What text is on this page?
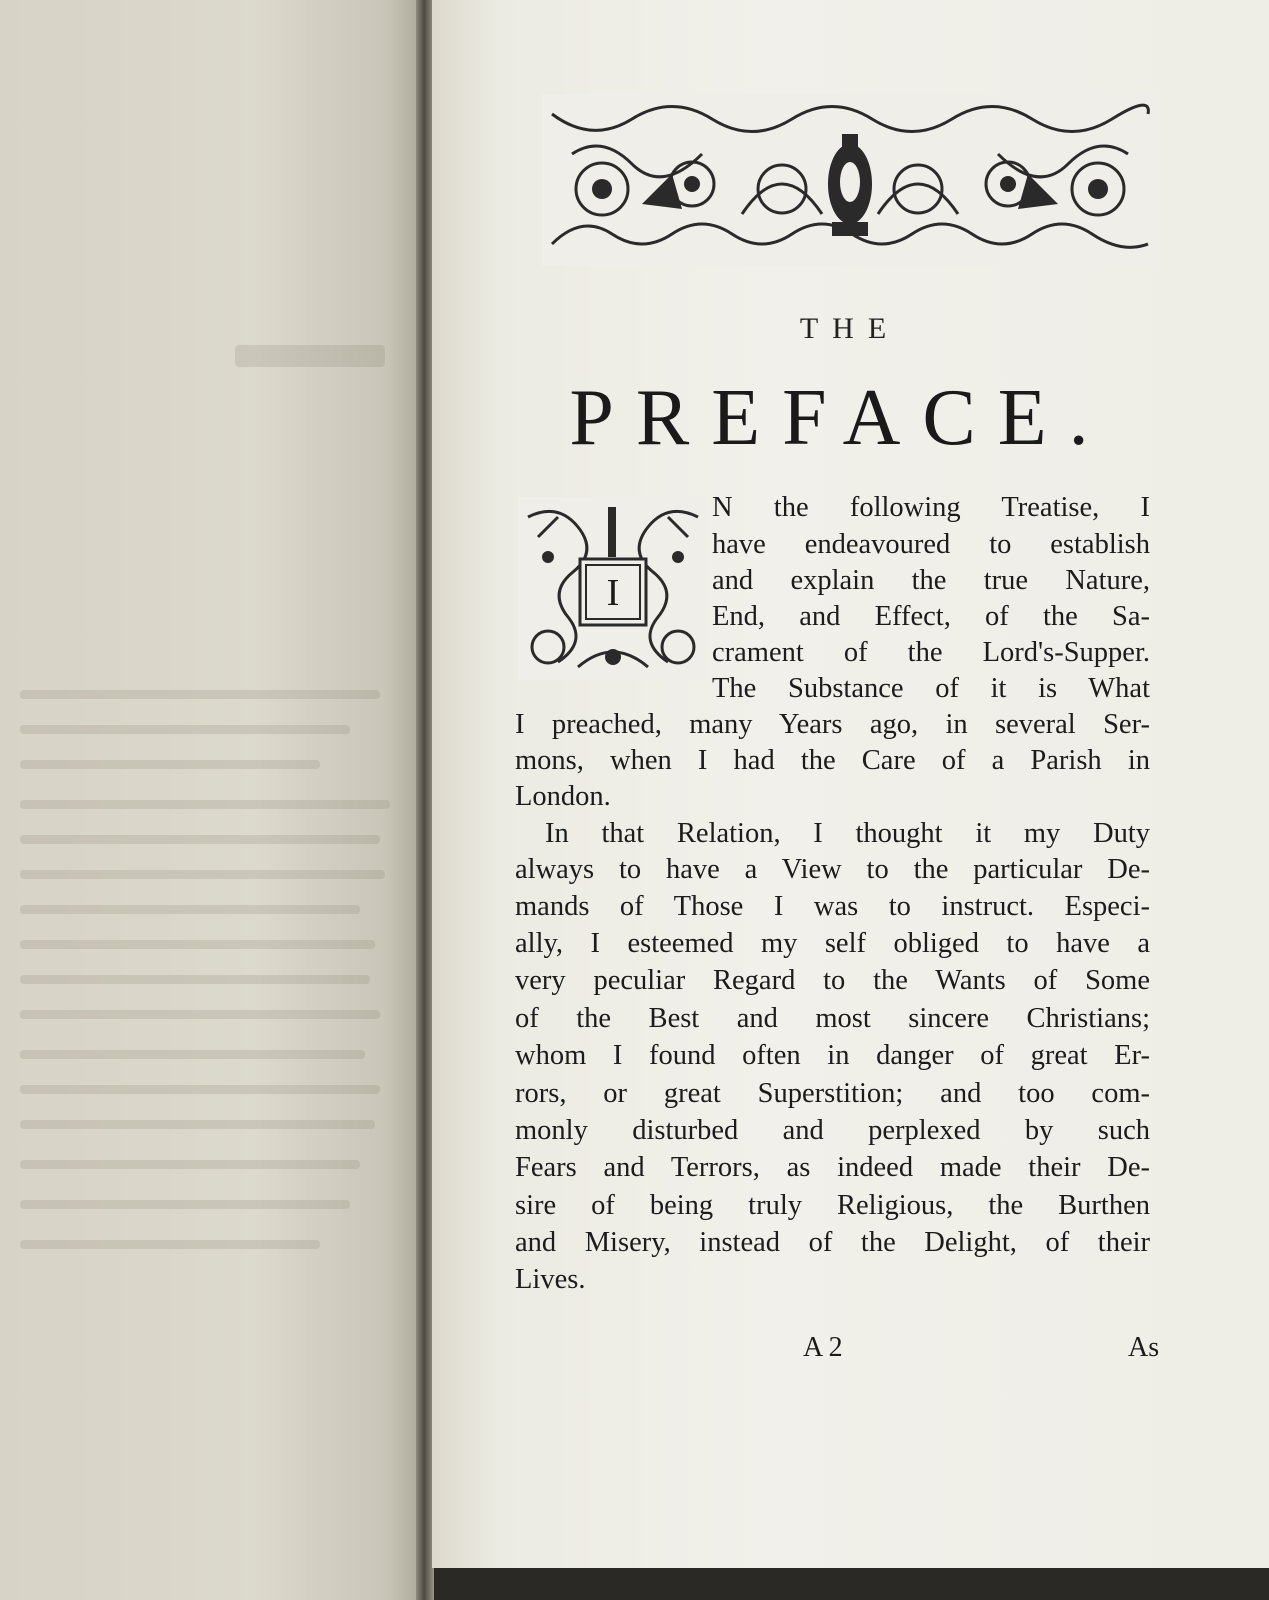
THE
PREFACE.
I
N the following Treatise, I
have endeavoured to establish
and explain the true Nature,
End, and Effect, of the Sa-
crament of the Lord's-Supper.
The Substance of it is What
I preached, many Years ago, in several Ser-
mons, when I had the Care of a Parish in
London.
In that Relation, I thought it my Duty
always to have a View to the particular De-
mands of Those I was to instruct. Especi-
ally, I esteemed my self obliged to have a
very peculiar Regard to the Wants of Some
of the Best and most sincere Christians;
whom I found often in danger of great Er-
rors, or great Superstition; and too com-
monly disturbed and perplexed by such
Fears and Terrors, as indeed made their De-
sire of being truly Religious, the Burthen
and Misery, instead of the Delight, of their
Lives.
A 2	As
